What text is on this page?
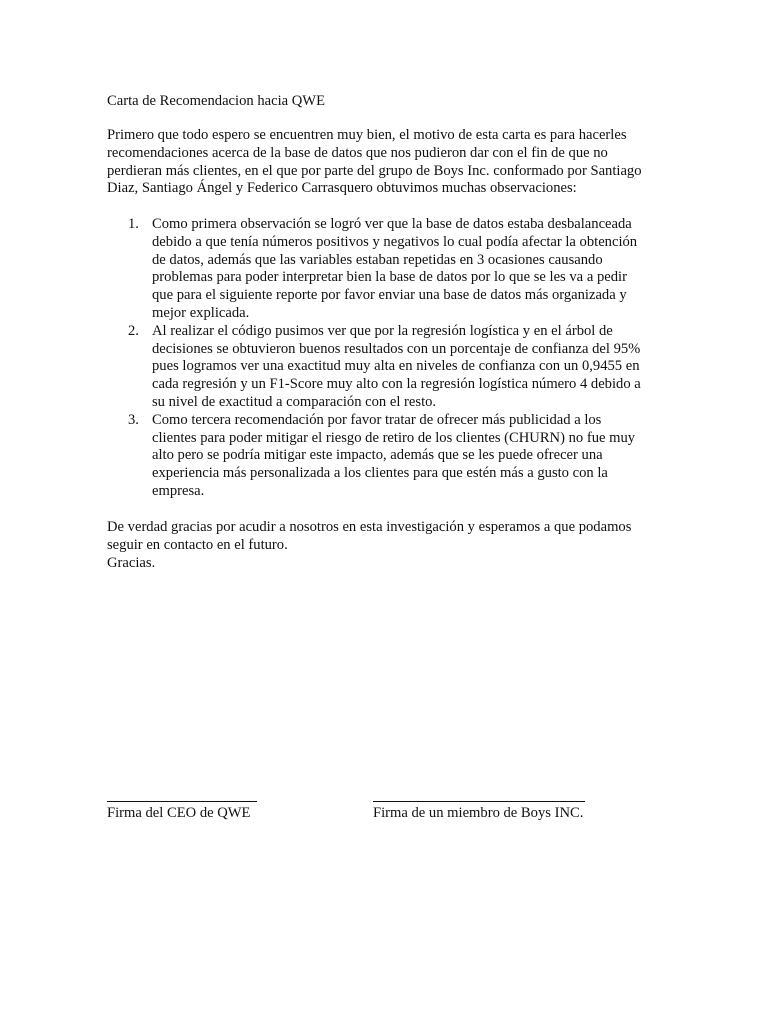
Carta de Recomendacion hacia QWE

Primero que todo espero se encuentren muy bien, el motivo de esta carta es para hacerles
recomendaciones acerca de la base de datos que nos pudieron dar con el fin de que no
perdieran más clientes, en el que por parte del grupo de Boys Inc. conformado por Santiago
Diaz, Santiago Ángel y Federico Carrasquero obtuvimos muchas observaciones:

1. Como primera observación se logró ver que la base de datos estaba desbalanceada
debido a que tenía números positivos y negativos lo cual podía afectar la obtención
de datos, además que las variables estaban repetidas en 3 ocasiones causando
problemas para poder interpretar bien la base de datos por lo que se les va a pedir
que para el siguiente reporte por favor enviar una base de datos más organizada y
mejor explicada.
2. Al realizar el código pusimos ver que por la regresión logística y en el árbol de
decisiones se obtuvieron buenos resultados con un porcentaje de confianza del 95%
pues logramos ver una exactitud muy alta en niveles de confianza con un 0,9455 en
cada regresión y un F1-Score muy alto con la regresión logística número 4 debido a
su nivel de exactitud a comparación con el resto.
3. Como tercera recomendación por favor tratar de ofrecer más publicidad a los
clientes para poder mitigar el riesgo de retiro de los clientes (CHURN) no fue muy
alto pero se podría mitigar este impacto, además que se les puede ofrecer una
experiencia más personalizada a los clientes para que estén más a gusto con la
empresa.

De verdad gracias por acudir a nosotros en esta investigación y esperamos a que podamos
seguir en contacto en el futuro.
Gracias.

Firma del CEO de QWE	Firma de un miembro de Boys INC.
